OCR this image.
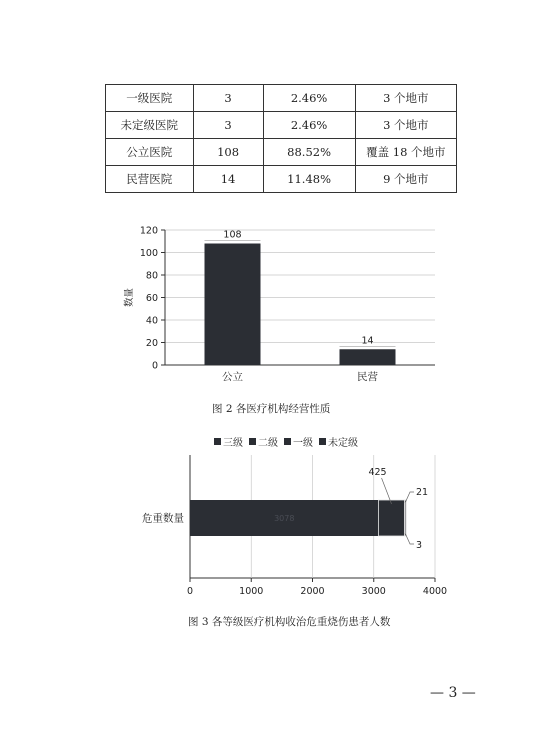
一级医院	3	2.46%	3 个地市
未定级医院	3	2.46%	3 个地市
公立医院	108	88.52%	覆盖 18 个地市
民营医院	14	11.48%	9 个地市
0
20
40
60
80
100
120
数量
108
公立
14
民营
图 2 各医疗机构经营性质
三级 二级 一级 未定级
0	1000	2000	3000	4000
危重数量	3078
425
21
3
图 3 各等级医疗机构收治危重烧伤患者人数
— 3 —
